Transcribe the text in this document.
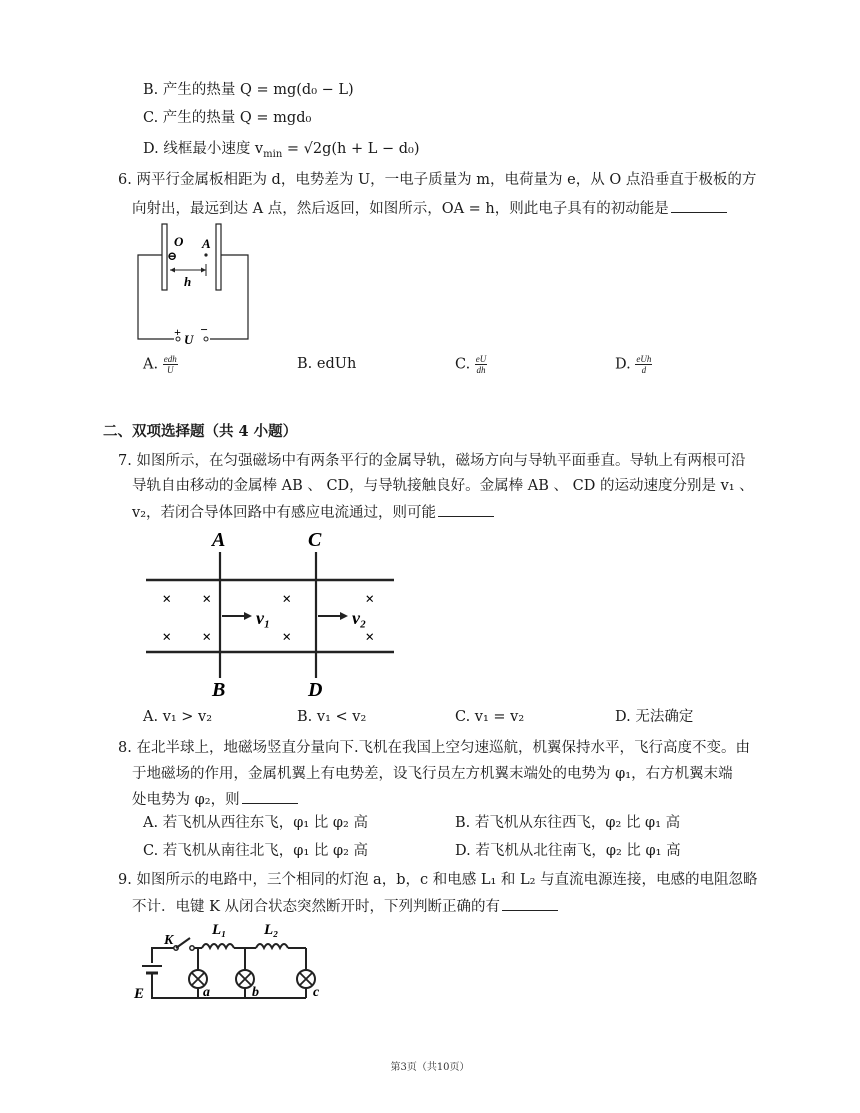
B. 产生的热量 Q = mg(d₀ − L)
C. 产生的热量 Q = mgd₀
D. 线框最小速度 $v_{min} = √2g(h + L - d_0)$
6. 两平行金属板相距为 d，电势差为 U，一电子质量为 m，电荷量为 e，从 O 点沿垂直于极板的方
向射出，最远到达 A 点，然后返回，如图所示，OA = h，则此电子具有的初动能是
+ U
−
O A
⊖
h
A. $\frac{\text{edh}}{U}$	B. edUh	C. $\frac{eU}{dh}$	D. $\frac{\text{eUh}}{d}$
二、双项选择题（共 4 小题）
7. 如图所示，在匀强磁场中有两条平行的金属导轨，磁场方向与导轨平面垂直。导轨上有两根可沿
导轨自由移动的金属棒 AB 、 CD，与导轨接触良好。金属棒 AB 、 CD 的运动速度分别是 v₁ 、
v₂，若闭合导体回路中有感应电流通过，则可能
A
B
C
D
× ×	×	×
× ×	×	×
v₁	v₂
A. v₁ > v₂	B. v₁ < v₂	C. v₁ = v₂	D. 无法确定
8. 在北半球上，地磁场竖直分量向下.飞机在我国上空匀速巡航，机翼保持水平，飞行高度不变。由
于地磁场的作用，金属机翼上有电势差，设飞行员左方机翼末端处的电势为 φ₁，右方机翼末端
处电势为 φ₂，则
A. 若飞机从西往东飞，φ₁ 比 φ₂ 高	B. 若飞机从东往西飞，φ₂ 比 φ₁ 高
C. 若飞机从南往北飞，φ₁ 比 φ₂ 高	D. 若飞机从北往南飞，φ₂ 比 φ₁ 高
9. 如图所示的电路中，三个相同的灯泡 a，b，c 和电感 L₁ 和 L₂ 与直流电源连接，电感的电阻忽略
不计．电键 K 从闭合状态突然断开时，下列判断正确的有
K
L₁	L₂
E	a	b	c
第3页（共10页）
